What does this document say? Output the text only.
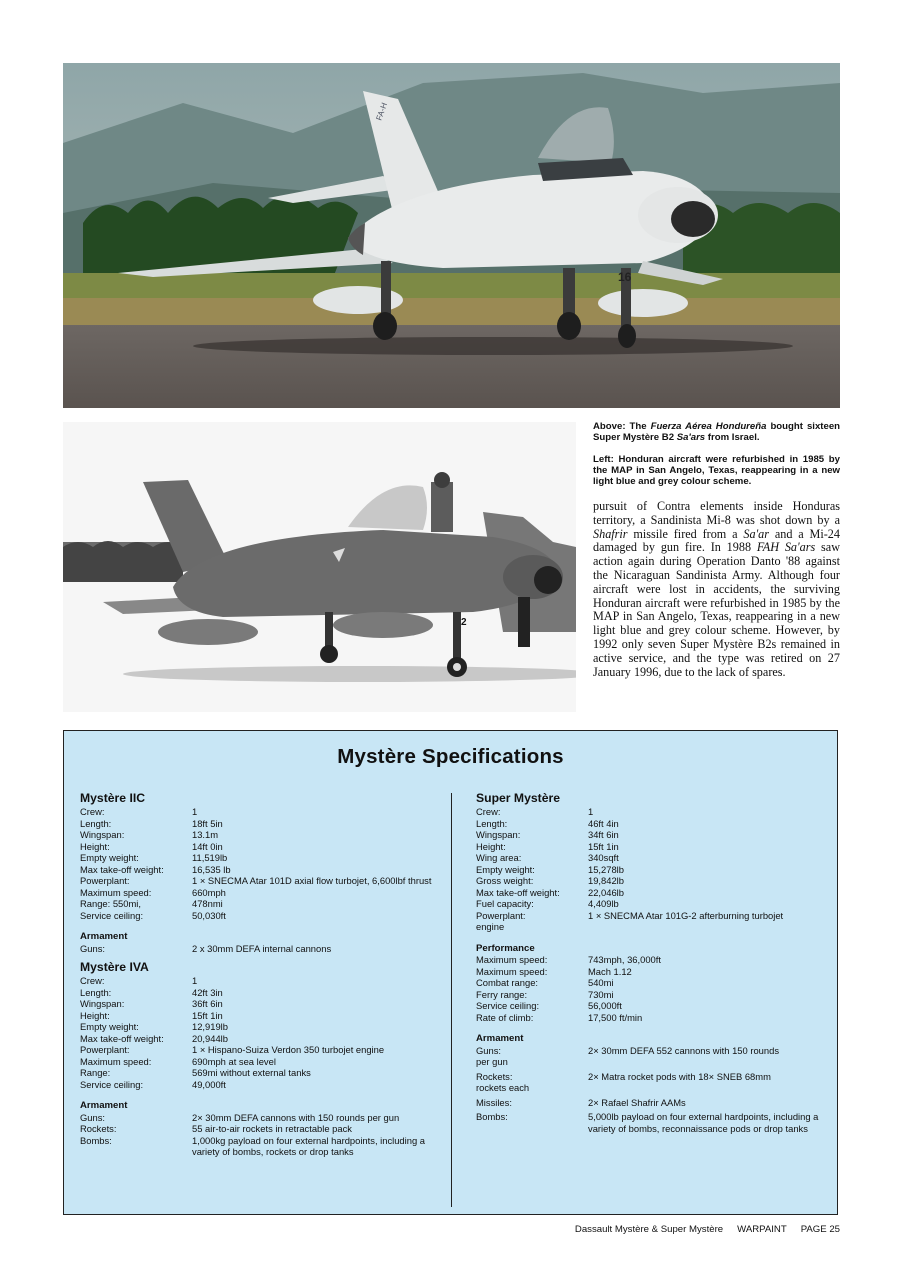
16
FA-H
2
Above: The Fuerza Aérea Hondureña bought sixteen Super Mystère B2 Sa'ars from Israel.
Left: Honduran aircraft were refurbished in 1985 by the MAP in San Angelo, Texas, reappearing in a new light blue and grey colour scheme.
pursuit of Contra elements inside Honduras territory, a Sandinista Mi-8 was shot down by a Shafrir missile fired from a Sa'ar and a Mi-24 damaged by gun fire. In 1988 FAH Sa'ars saw action again during Operation Danto '88 against the Nicaraguan Sandinista Army. Although four aircraft were lost in accidents, the surviving Honduran aircraft were refurbished in 1985 by the MAP in San Angelo, Texas, reappearing in a new light blue and grey colour scheme. However, by 1992 only seven Super Mystère B2s remained in active service, and the type was retired on 27 January 1996, due to the lack of spares.
Mystère Specifications
Mystère IIC
Crew:	1
Length:	18ft 5in
Wingspan:	13.1m
Height:	14ft 0in
Empty weight:	11,519lb
Max take-off weight:	16,535 lb
Powerplant:	1 × SNECMA Atar 101D axial flow turbojet, 6,600lbf thrust
Maximum speed:	660mph
Range: 550mi,	478nmi
Service ceiling:	50,030ft
Armament
Guns:	2 x 30mm DEFA internal cannons
Mystère IVA
Crew:	1
Length:	42ft 3in
Wingspan:	36ft 6in
Height:	15ft 1in
Empty weight:	12,919lb
Max take-off weight:	20,944lb
Powerplant:	1 × Hispano-Suiza Verdon 350 turbojet engine
Maximum speed:	690mph at sea level
Range:	569mi without external tanks
Service ceiling:	49,000ft
Armament
Guns:	2× 30mm DEFA cannons with 150 rounds per gun
Rockets:	55 air-to-air rockets in retractable pack
Bombs:	1,000kg payload on four external hardpoints, including a variety of bombs, rockets or drop tanks
Super Mystère
Crew:	1
Length:	46ft 4in
Wingspan:	34ft 6in
Height:	15ft 1in
Wing area:	340sqft
Empty weight:	15,278lb
Gross weight:	19,842lb
Max take-off weight:	22,046lb
Fuel capacity:	4,409lb
Powerplant:	1 × SNECMA Atar 101G-2 afterburning turbojet
engine
Performance
Maximum speed:	743mph, 36,000ft
Maximum speed:	Mach 1.12
Combat range:	540mi
Ferry range:	730mi
Service ceiling:	56,000ft
Rate of climb:	17,500 ft/min
Armament
Guns:	2× 30mm DEFA 552 cannons with 150 rounds
per gun
Rockets:	2× Matra rocket pods with 18× SNEB 68mm
rockets each
Missiles:	2× Rafael Shafrir AAMs
Bombs:	5,000lb payload on four external hardpoints, including a variety of bombs, reconnaissance pods or drop tanks
Dassault Mystère & Super Mystère WARPAINT PAGE 25
